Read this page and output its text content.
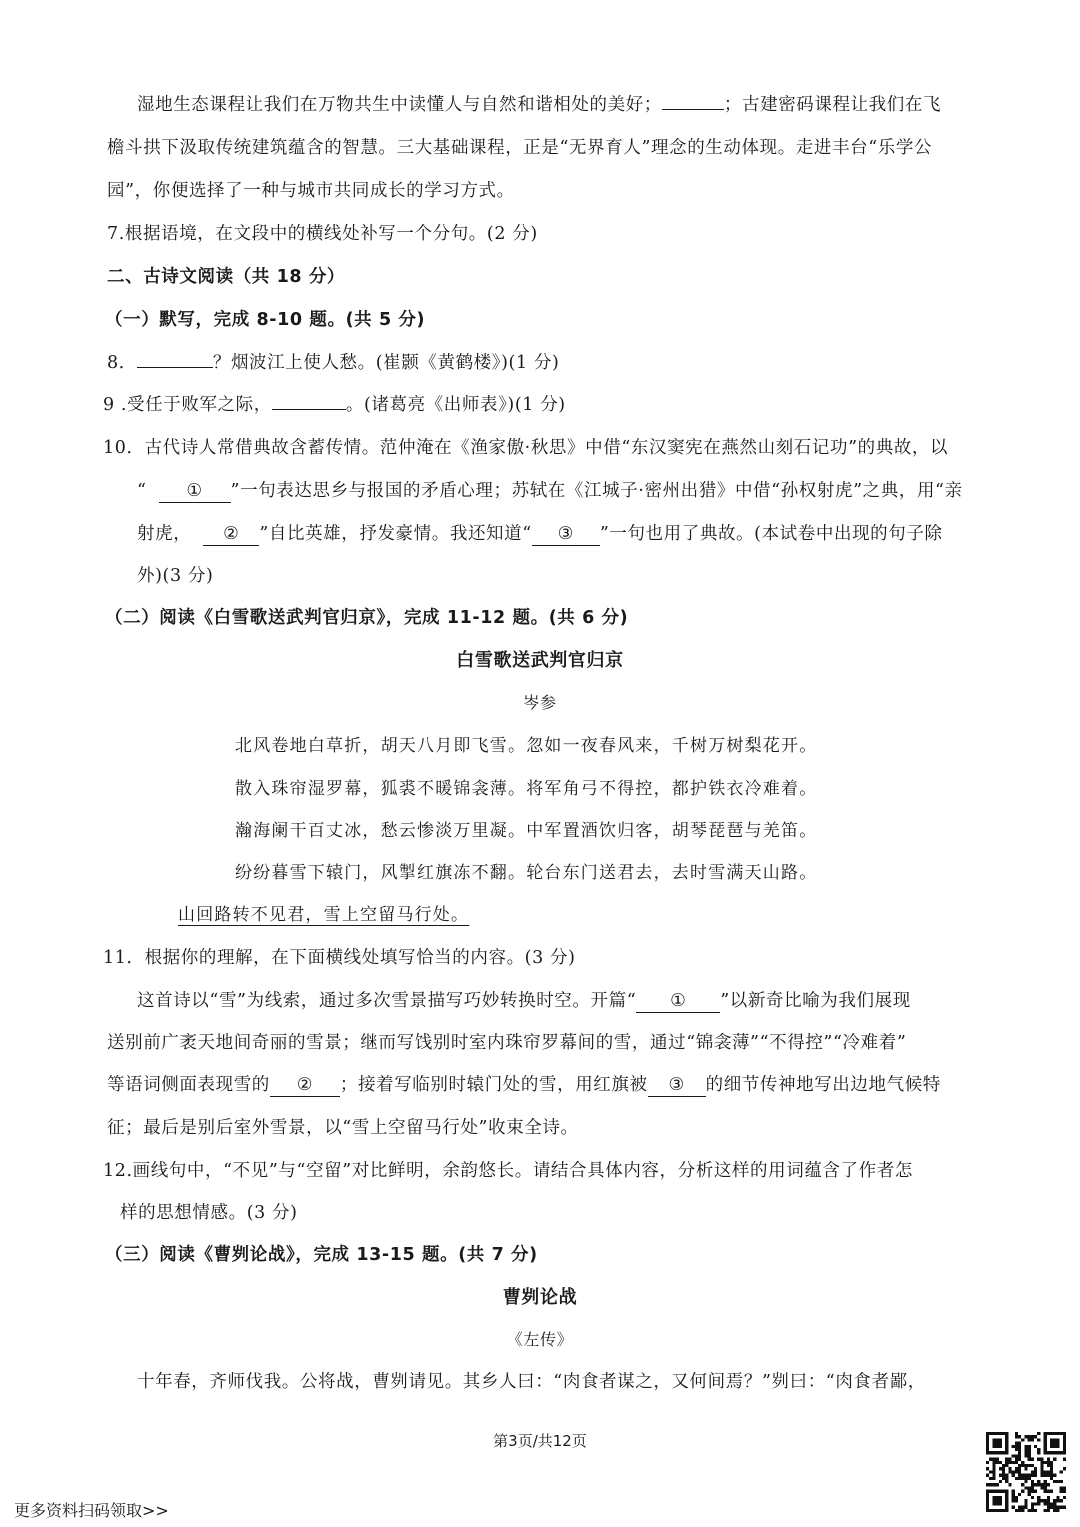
湿地生态课程让我们在万物共生中读懂人与自然和谐相处的美好；	；古建密码课程让我们在飞
檐斗拱下汲取传统建筑蕴含的智慧。三大基础课程，正是“无界育人”理念的生动体现。走进丰台“乐学公
园”，你便选择了一种与城市共同成长的学习方式。
7.根据语境，在文段中的横线处补写一个分句。(2 分)
二、古诗文阅读（共 18 分）
（一）默写，完成 8-10 题。(共 5 分)
8．	？烟波江上使人愁。(崔颢《黄鹤楼》)(1 分)
9 .受任于败军之际，	。(诸葛亮《出师表》)(1 分)
10．古代诗人常借典故含蓄传情。范仲淹在《渔家傲·秋思》中借“东汉窦宪在燕然山刻石记功”的典故，以
“ ① ”一句表达思乡与报国的矛盾心理；苏轼在《江城子·密州出猎》中借“孙权射虎”之典，用“亲
射虎， ② ”自比英雄，抒发豪情。我还知道“ ③ ”一句也用了典故。(本试卷中出现的句子除
外)(3 分)
（二）阅读《白雪歌送武判官归京》，完成 11-12 题。(共 6 分)
白雪歌送武判官归京
岑参
北风卷地白草折，胡天八月即飞雪。忽如一夜春风来，千树万树梨花开。
散入珠帘湿罗幕，狐裘不暖锦衾薄。将军角弓不得控，都护铁衣冷难着。
瀚海阑干百丈冰，愁云惨淡万里凝。中军置酒饮归客，胡琴琵琶与羌笛。
纷纷暮雪下辕门，风掣红旗冻不翻。轮台东门送君去，去时雪满天山路。
山回路转不见君，雪上空留马行处。
11．根据你的理解，在下面横线处填写恰当的内容。(3 分)
这首诗以“雪”为线索，通过多次雪景描写巧妙转换时空。开篇“ ① ”以新奇比喻为我们展现
送别前广袤天地间奇丽的雪景；继而写饯别时室内珠帘罗幕间的雪，通过“锦衾薄”“不得控”“冷难着”
等语词侧面表现雪的 ② ；接着写临别时辕门处的雪，用红旗被 ③ 的细节传神地写出边地气候特
征；最后是别后室外雪景，以“雪上空留马行处”收束全诗。
12.画线句中，“不见”与“空留”对比鲜明，余韵悠长。请结合具体内容，分析这样的用词蕴含了作者怎
样的思想情感。(3 分)
（三）阅读《曹刿论战》，完成 13-15 题。(共 7 分)
曹刿论战
《左传》
十年春，齐师伐我。公将战，曹刿请见。其乡人曰：“肉食者谋之，又何间焉？”刿曰：“肉食者鄙，
第3页/共12页
更多资料扫码领取>>
